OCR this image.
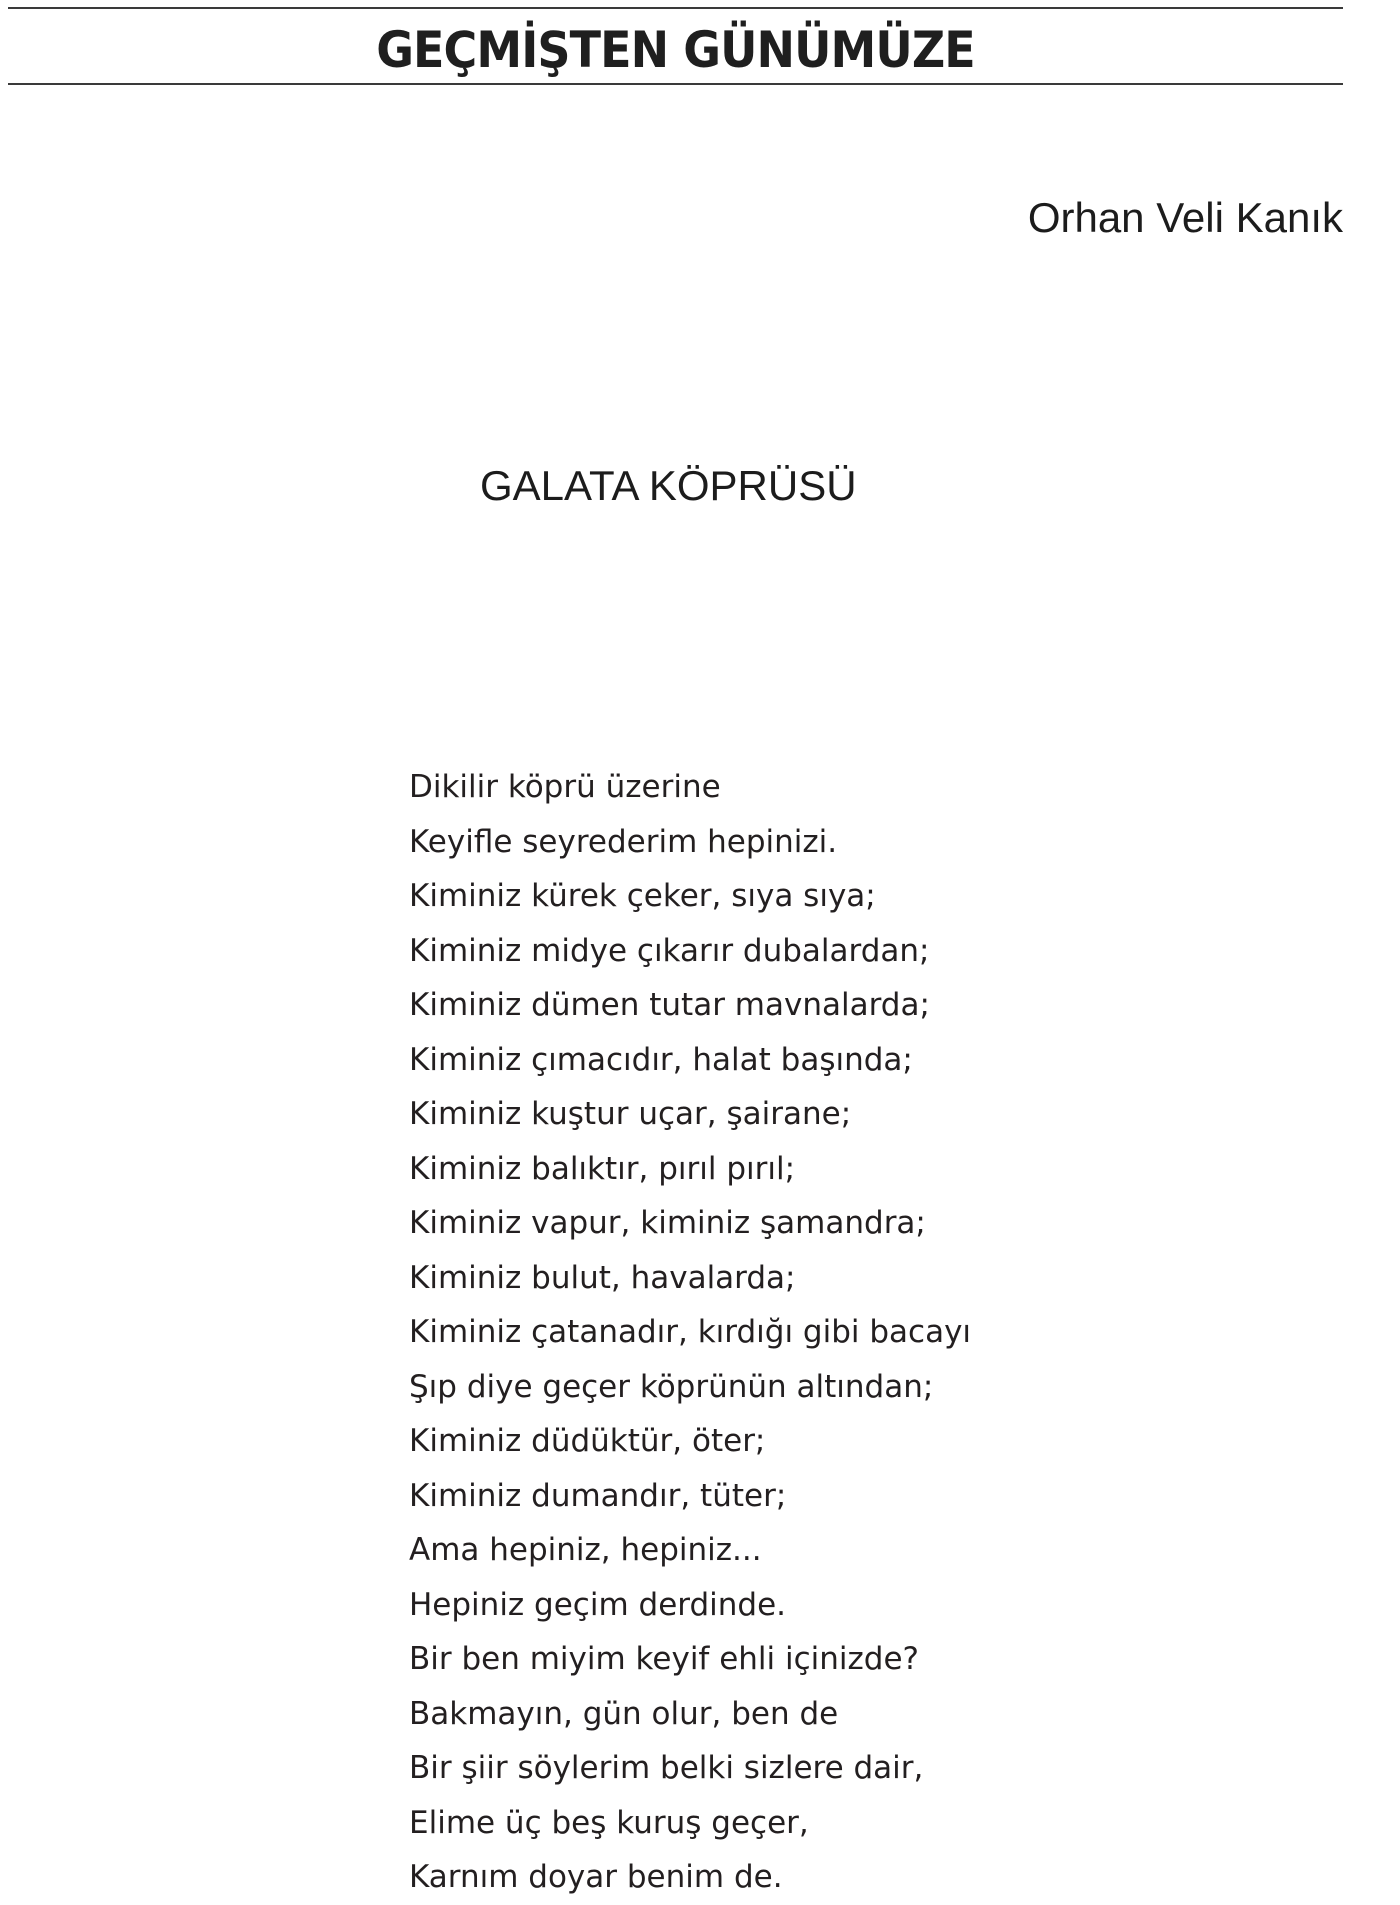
GEÇMİŞTEN GÜNÜMÜZE
Orhan Veli Kanık
GALATA KÖPRÜSÜ
Dikilir köprü üzerine
Keyifle seyrederim hepinizi.
Kiminiz kürek çeker, sıya sıya;
Kiminiz midye çıkarır dubalardan;
Kiminiz dümen tutar mavnalarda;
Kiminiz çımacıdır, halat başında;
Kiminiz kuştur uçar, şairane;
Kiminiz balıktır, pırıl pırıl;
Kiminiz vapur, kiminiz şamandra;
Kiminiz bulut, havalarda;
Kiminiz çatanadır, kırdığı gibi bacayı
Şıp diye geçer köprünün altından;
Kiminiz düdüktür, öter;
Kiminiz dumandır, tüter;
Ama hepiniz, hepiniz...
Hepiniz geçim derdinde.
Bir ben miyim keyif ehli içinizde?
Bakmayın, gün olur, ben de
Bir şiir söylerim belki sizlere dair,
Elime üç beş kuruş geçer,
Karnım doyar benim de.
